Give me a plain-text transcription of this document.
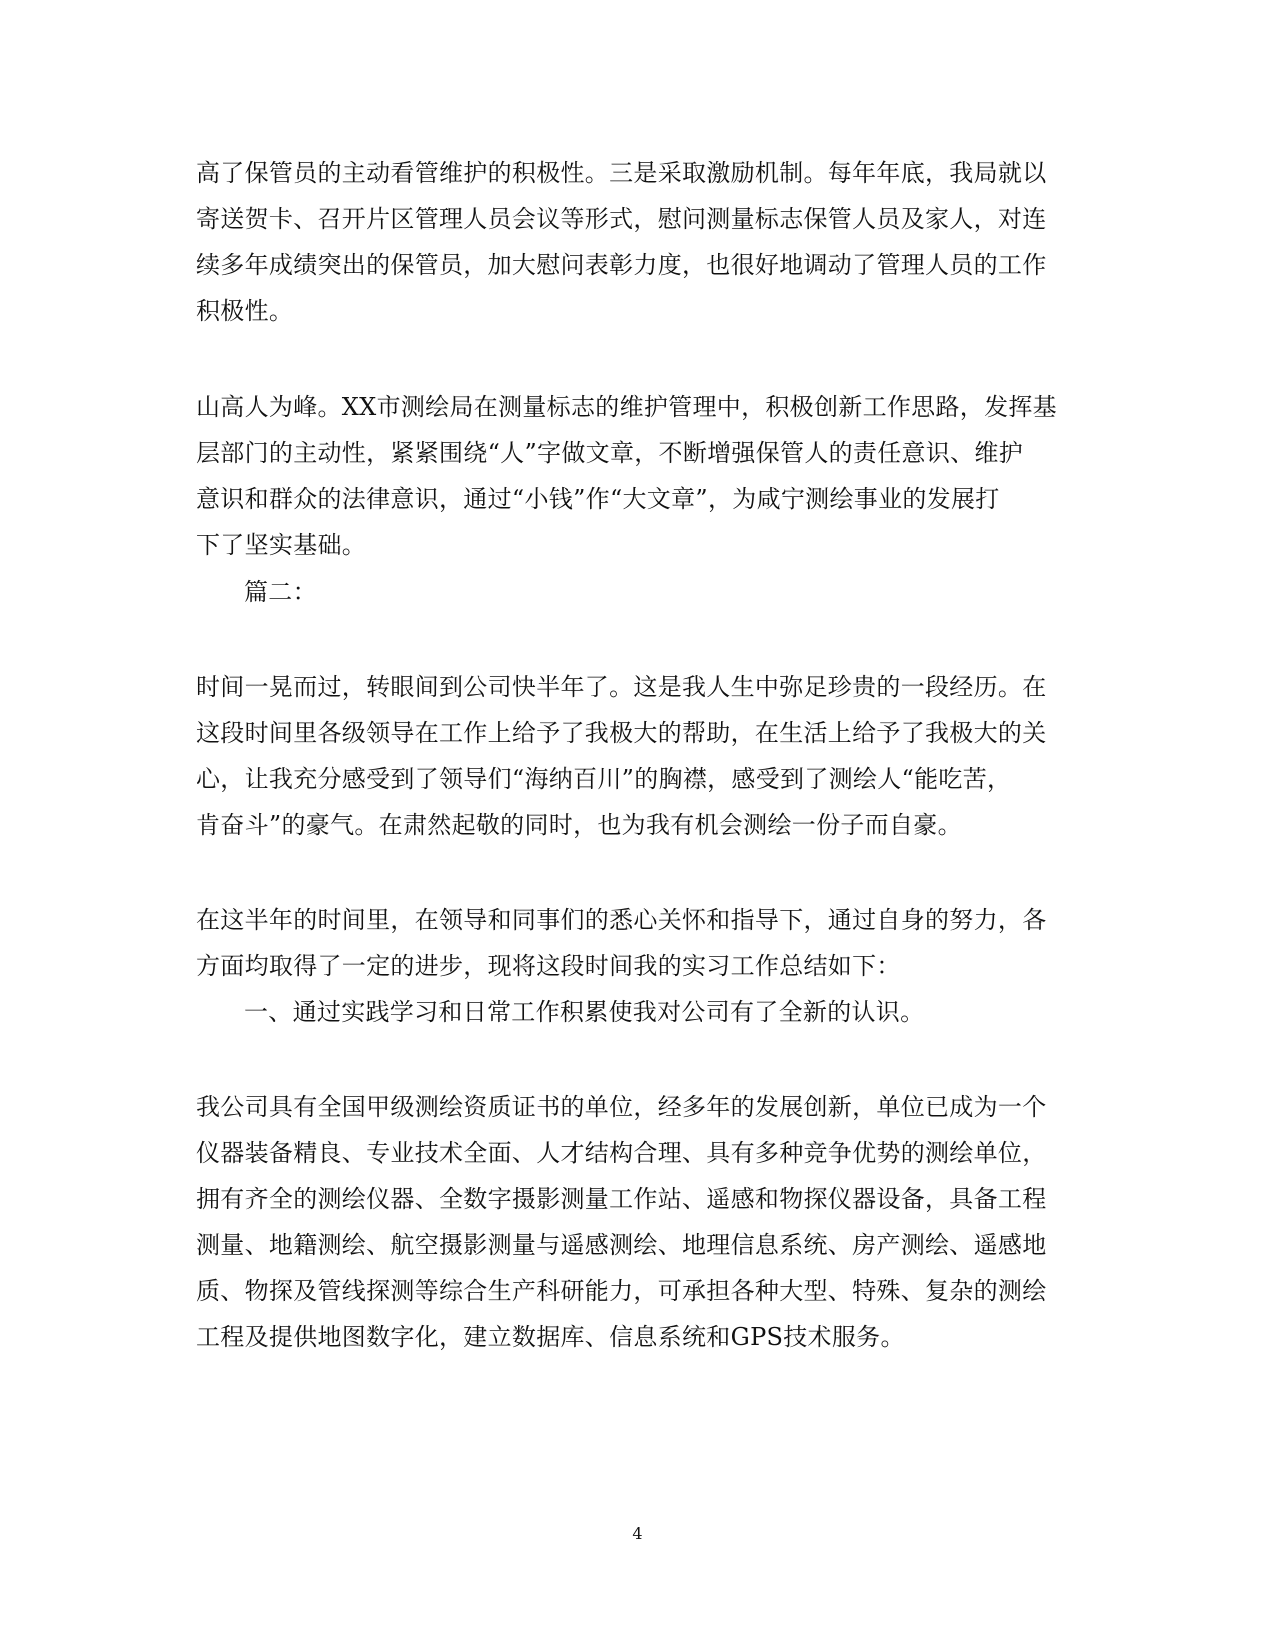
高了保管员的主动看管维护的积极性。三是采取激励机制。每年年底，我局就以
寄送贺卡、召开片区管理人员会议等形式，慰问测量标志保管人员及家人，对连
续多年成绩突出的保管员，加大慰问表彰力度，也很好地调动了管理人员的工作
积极性。
山高人为峰。XX市测绘局在测量标志的维护管理中，积极创新工作思路，发挥基
层部门的主动性，紧紧围绕“人”字做文章，不断增强保管人的责任意识、维护
意识和群众的法律意识，通过“小钱”作“大文章”，为咸宁测绘事业的发展打
下了坚实基础。
篇二：
时间一晃而过，转眼间到公司快半年了。这是我人生中弥足珍贵的一段经历。在
这段时间里各级领导在工作上给予了我极大的帮助，在生活上给予了我极大的关
心，让我充分感受到了领导们“海纳百川”的胸襟，感受到了测绘人“能吃苦，
肯奋斗”的豪气。在肃然起敬的同时，也为我有机会测绘一份子而自豪。
在这半年的时间里，在领导和同事们的悉心关怀和指导下，通过自身的努力，各
方面均取得了一定的进步，现将这段时间我的实习工作总结如下：
一、通过实践学习和日常工作积累使我对公司有了全新的认识。
我公司具有全国甲级测绘资质证书的单位，经多年的发展创新，单位已成为一个
仪器装备精良、专业技术全面、人才结构合理、具有多种竞争优势的测绘单位，
拥有齐全的测绘仪器、全数字摄影测量工作站、遥感和物探仪器设备，具备工程
测量、地籍测绘、航空摄影测量与遥感测绘、地理信息系统、房产测绘、遥感地
质、物探及管线探测等综合生产科研能力，可承担各种大型、特殊、复杂的测绘
工程及提供地图数字化，建立数据库、信息系统和GPS技术服务。
4
